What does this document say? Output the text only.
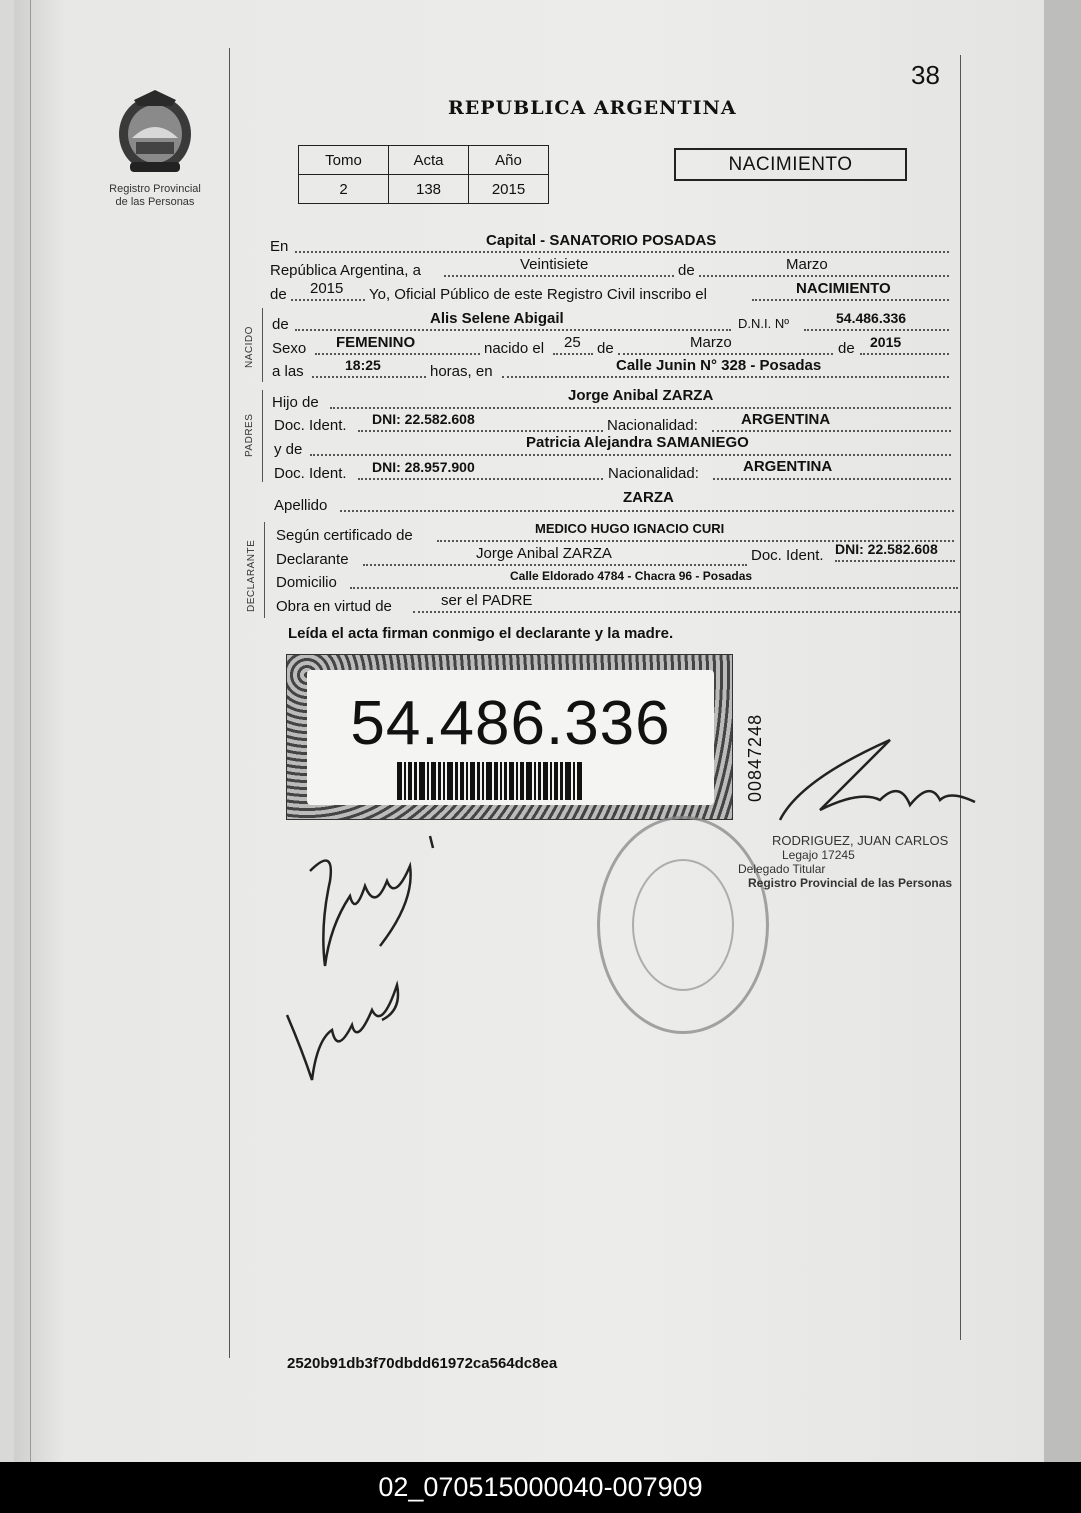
38
Registro Provincial
de las Personas
REPUBLICA ARGENTINA
Tomo	Acta	Año
2	138	2015
NACIMIENTO
En	Capital - SANATORIO POSADAS
República Argentina, a	Veintisiete	de	Marzo
de 2015 Yo, Oficial Público de este Registro Civil inscribo el	NACIMIENTO
NACIDO
de	Alis Selene Abigail	D.N.I. Nº	54.486.336
Sexo FEMENINO	nacido el 25 de	Marzo	de 2015
a las	18:25	horas, en	Calle Junin N° 328 - Posadas
PADRES
Hijo de	Jorge Anibal ZARZA
Doc. Ident. DNI: 22.582.608	Nacionalidad:	ARGENTINA
y de	Patricia Alejandra SAMANIEGO
Doc. Ident. DNI: 28.957.900	Nacionalidad:	ARGENTINA
Apellido	ZARZA
DECLARANTE
Según certificado de	MEDICO HUGO IGNACIO CURI
Declarante	Jorge Anibal ZARZA	Doc. Ident. DNI: 22.582.608
Domicilio	Calle Eldorado 4784 - Chacra 96 - Posadas
Obra en virtud de	ser el PADRE
Leída el acta firman conmigo el declarante y la madre.
54.486.336	00847248
RODRIGUEZ, JUAN CARLOS
Legajo 17245
Delegado Titular
Registro Provincial de las Personas
2520b91db3f70dbdd61972ca564dc8ea
02_070515000040-007909
